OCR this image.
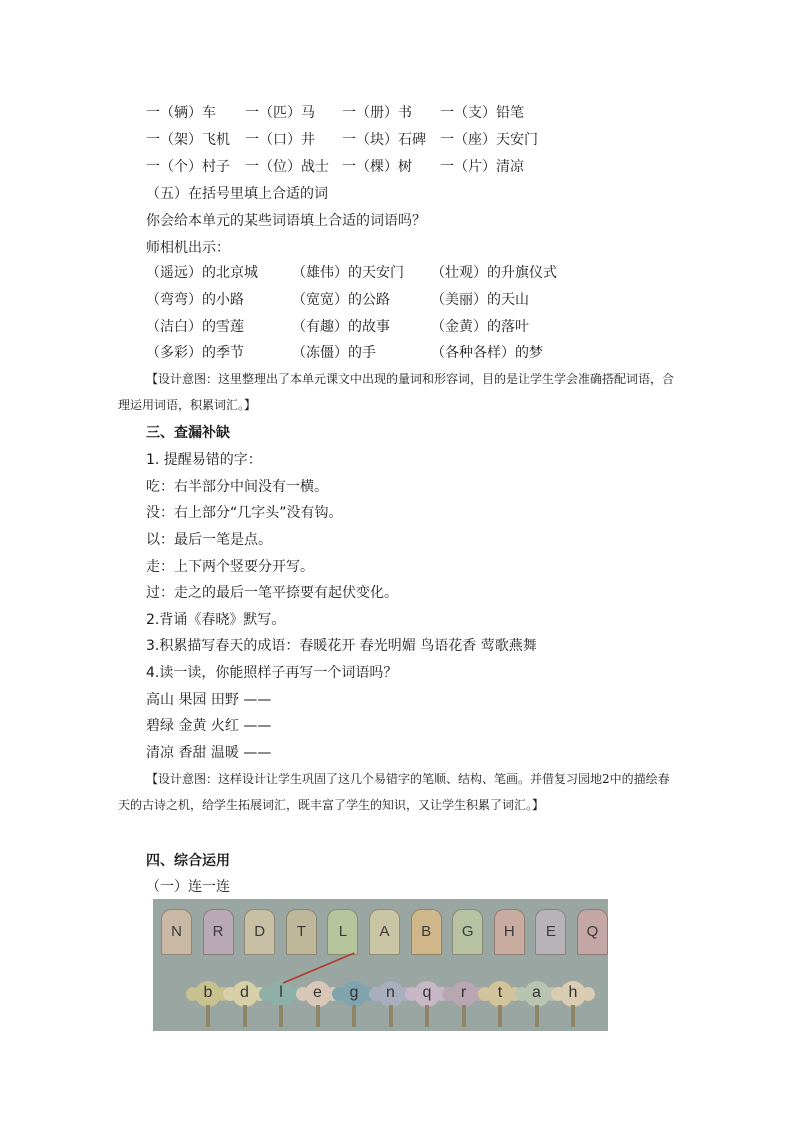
一（辆）车 一（匹）马 一（册）书 一（支）铅笔
一（架）飞机 一（口）井 一（块）石碑 一（座）天安门
一（个）村子 一（位）战士 一（棵）树 一（片）清凉
（五）在括号里填上合适的词
你会给本单元的某些词语填上合适的词语吗？
师相机出示：
（遥远）的北京城 （雄伟）的天安门 （壮观）的升旗仪式
（弯弯）的小路	（宽宽）的公路	（美丽）的天山
（洁白）的雪莲	（有趣）的故事	（金黄）的落叶
（多彩）的季节	（冻僵）的手	（各种各样）的梦
【设计意图：这里整理出了本单元课文中出现的量词和形容词，目的是让学生学会准确搭配词语，合理运用词语，积累词汇。】
三、查漏补缺
1. 提醒易错的字：
吃：右半部分中间没有一横。
没：右上部分“几字头”没有钩。
以：最后一笔是点。
走：上下两个竖要分开写。
过：走之的最后一笔平捺要有起伏变化。
2.背诵《春晓》默写。
3.积累描写春天的成语：春暖花开 春光明媚 鸟语花香 莺歌燕舞
4.读一读，你能照样子再写一个词语吗？
高山 果园 田野 ——
碧绿 金黄 火红 ——
清凉 香甜 温暖 ——
【设计意图：这样设计让学生巩固了这几个易错字的笔顺、结构、笔画。并借复习园地2中的描绘春天的古诗之机，给学生拓展词汇，既丰富了学生的知识，又让学生积累了词汇。】
四、综合运用
（一）连一连
N	R	D	T	L	A	B	G	H	E	Q
b	d	l	e	g	n	q	r	t	a	h
